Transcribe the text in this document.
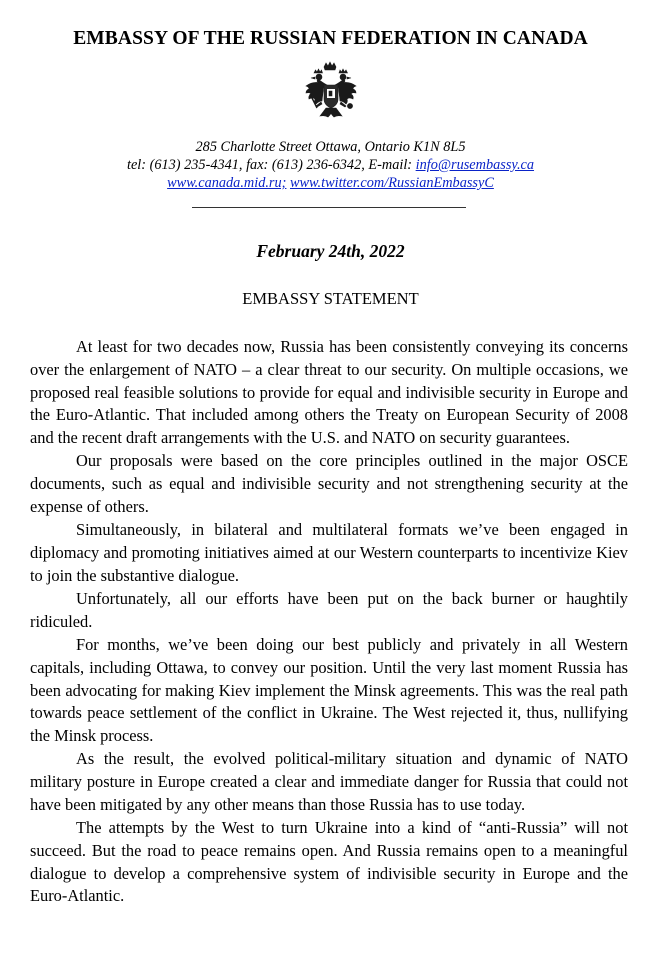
EMBASSY OF THE RUSSIAN FEDERATION IN CANADA
285 Charlotte Street Ottawa, Ontario K1N 8L5
tel: (613) 235-4341, fax: (613) 236-6342, E-mail: info@rusembassy.ca
www.canada.mid.ru; www.twitter.com/RussianEmbassyC
February 24th, 2022
EMBASSY STATEMENT

At least for two decades now, Russia has been consistently conveying its concerns over the enlargement of NATO – a clear threat to our security. On multiple occasions, we proposed real feasible solutions to provide for equal and indivisible security in Europe and the Euro-Atlantic. That included among others the Treaty on European Security of 2008 and the recent draft arrangements with the U.S. and NATO on security guarantees.

Our proposals were based on the core principles outlined in the major OSCE documents, such as equal and indivisible security and not strengthening security at the expense of others.

Simultaneously, in bilateral and multilateral formats we’ve been engaged in diplomacy and promoting initiatives aimed at our Western counterparts to incentivize Kiev to join the substantive dialogue.

Unfortunately, all our efforts have been put on the back burner or haughtily ridiculed.

For months, we’ve been doing our best publicly and privately in all Western capitals, including Ottawa, to convey our position. Until the very last moment Russia has been advocating for making Kiev implement the Minsk agreements. This was the real path towards peace settlement of the conflict in Ukraine. The West rejected it, thus, nullifying the Minsk process.

As the result, the evolved political-military situation and dynamic of NATO military posture in Europe created a clear and immediate danger for Russia that could not have been mitigated by any other means than those Russia has to use today.

The attempts by the West to turn Ukraine into a kind of “anti-Russia” will not succeed. But the road to peace remains open. And Russia remains open to a meaningful dialogue to develop a comprehensive system of indivisible security in Europe and the Euro-Atlantic.
